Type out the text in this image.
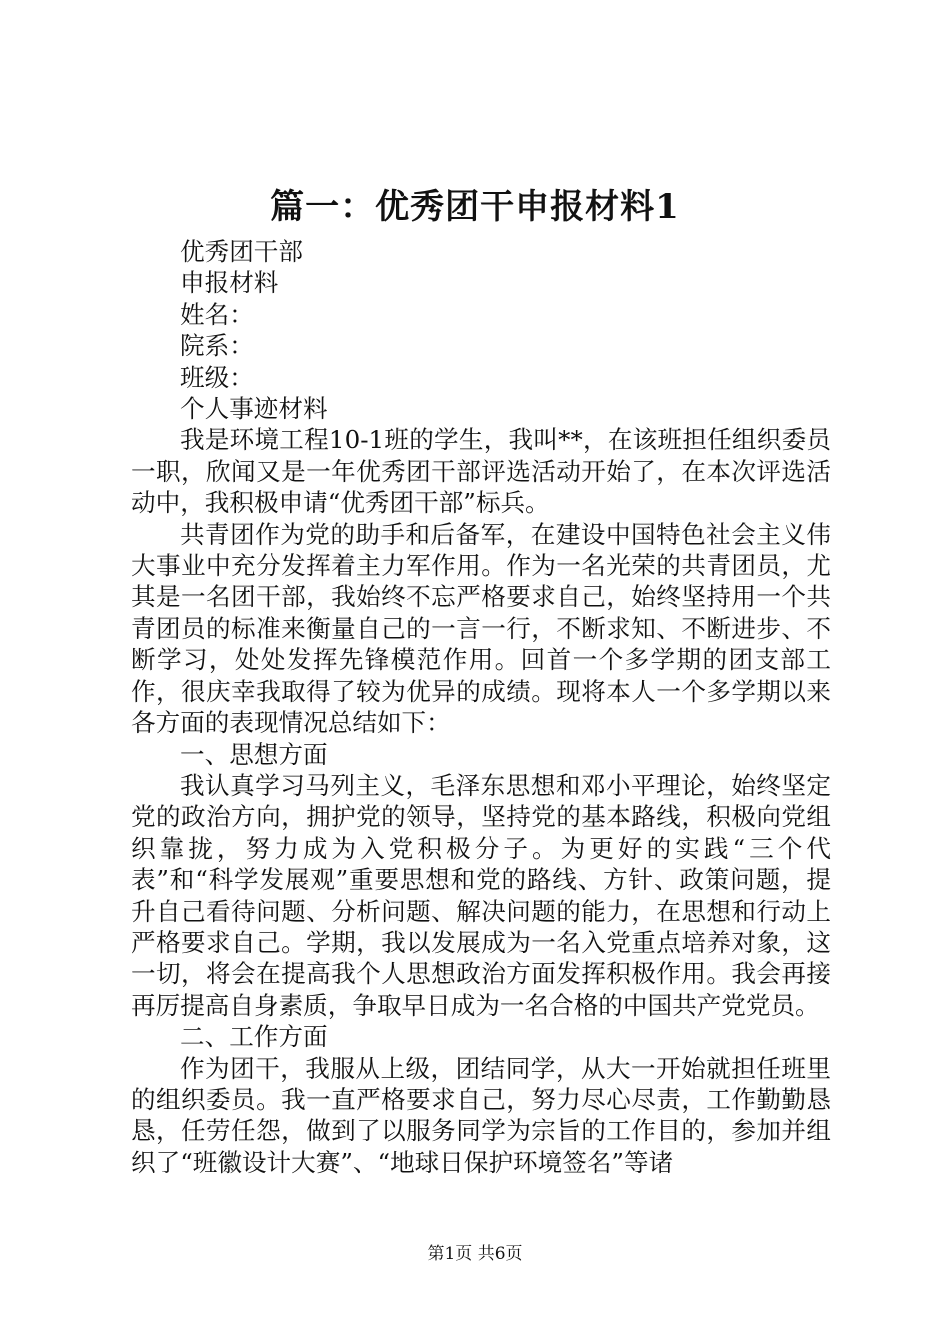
篇一：优秀团干申报材料1

优秀团干部

申报材料

姓名：

院系：

班级：

个人事迹材料

我是环境工程10-1班的学生，我叫**，在该班担任组织委员一职，欣闻又是一年优秀团干部评选活动开始了，在本次评选活动中，我积极申请“优秀团干部”标兵。

共青团作为党的助手和后备军，在建设中国特色社会主义伟大事业中充分发挥着主力军作用。作为一名光荣的共青团员，尤其是一名团干部，我始终不忘严格要求自己，始终坚持用一个共青团员的标准来衡量自己的一言一行，不断求知、不断进步、不断学习，处处发挥先锋模范作用。回首一个多学期的团支部工作，很庆幸我取得了较为优异的成绩。现将本人一个多学期以来各方面的表现情况总结如下：

一、思想方面

我认真学习马列主义，毛泽东思想和邓小平理论，始终坚定党的政治方向，拥护党的领导，坚持党的基本路线，积极向党组织靠拢，努力成为入党积极分子。为更好的实践“三个代表”和“科学发展观”重要思想和党的路线、方针、政策问题，提升自己看待问题、分析问题、解决问题的能力，在思想和行动上严格要求自己。学期，我以发展成为一名入党重点培养对象，这一切，将会在提高我个人思想政治方面发挥积极作用。我会再接再厉提高自身素质，争取早日成为一名合格的中国共产党党员。

二、工作方面

作为团干，我服从上级，团结同学，从大一开始就担任班里的组织委员。我一直严格要求自己，努力尽心尽责，工作勤勤恳恳，任劳任怨，做到了以服务同学为宗旨的工作目的，参加并组织了“班徽设计大赛”、“地球日保护环境签名”等诸

第1页 共6页
